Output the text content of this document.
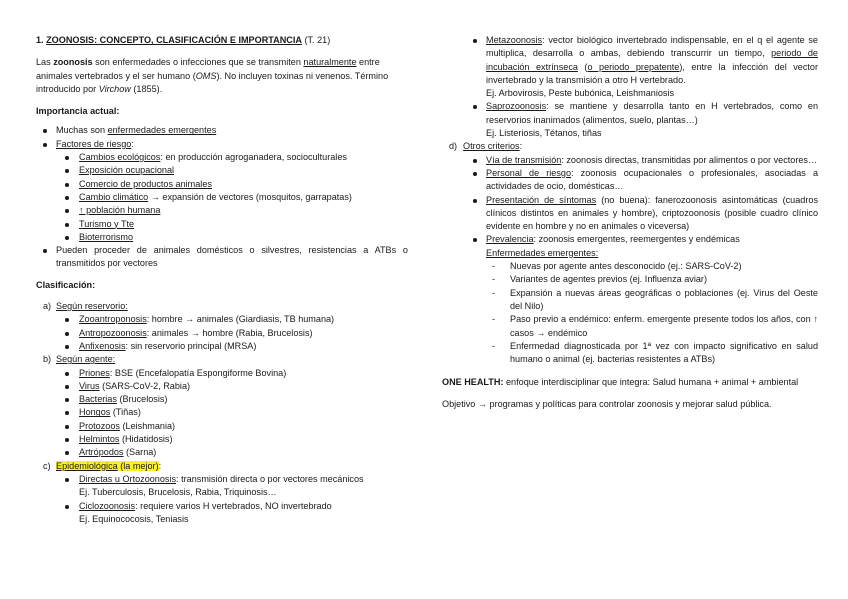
1. ZOONOSIS: CONCEPTO, CLASIFICACIÓN E IMPORTANCIA (T. 21)

Las zoonosis son enfermedades o infecciones que se transmiten naturalmente entre animales vertebrados y el ser humano (OMS). No incluyen toxinas ni venenos. Término introducido por Virchow (1855).

Importancia actual:

Muchas son enfermedades emergentes
Factores de riesgo:
Cambios ecológicos: en producción agroganadera, socioculturales
Exposición ocupacional
Comercio de productos animales
Cambio climático → expansión de vectores (mosquitos, garrapatas)
↑ población humana
Turismo y Tte
Bioterrorismo
Pueden proceder de animales domésticos o silvestres, resistencias a ATBs o transmitidos por vectores

Clasificación:

a) Según reservorio:
Zooantroponosis: hombre → animales (Giardiasis, TB humana)
Antropozoonosis: animales → hombre (Rabia, Brucelosis)
Anfixenosis: sin reservorio principal (MRSA)
b) Según agente:
Priones: BSE (Encefalopatía Espongiforme Bovina)
Virus (SARS-CoV-2, Rabia)
Bacterias (Brucelosis)
Hongos (Tiñas)
Protozoos (Leishmania)
Helmintos (Hidatidosis)
Artrópodos (Sarna)
c) Epidemiológica (la mejor):
Directas u Ortozoonosis: transmisión directa o por vectores mecánicos
Ej. Tuberculosis, Brucelosis, Rabia, Triquinosis…
Ciclozoonosis: requiere varios H vertebrados, NO invertebrado
Ej. Equinococosis, Teniasis
Metazoonosis: vector biológico invertebrado indispensable, en el q el agente se multiplica, desarrolla o ambas, debiendo transcurrir un tiempo, periodo de incubación extrínseca (o periodo prepatente), entre la infección del vector invertebrado y la transmisión a otro H vertebrado.
Ej. Arbovirosis, Peste bubónica, Leishmaniosis
Saprozoonosis: se mantiene y desarrolla tanto en H vertebrados, como en reservorios inanimados (alimentos, suelo, plantas…)
Ej. Listeriosis, Tétanos, tiñas
d) Otros criterios:
Vía de transmisión: zoonosis directas, transmitidas por alimentos o por vectores…
Personal de riesgo: zoonosis ocupacionales o profesionales, asociadas a actividades de ocio, domésticas…
Presentación de síntomas (no buena): fanerozoonosis asintomáticas (cuadros clínicos distintos en animales y hombre), criptozoonosis (posible cuadro clínico evidente en hombre y no en animales o viceversa)
Prevalencia: zoonosis emergentes, reemergentes y endémicas
Enfermedades emergentes:
- Nuevas por agente antes desconocido (ej.: SARS-CoV-2)
- Variantes de agentes previos (ej. Influenza aviar)
- Expansión a nuevas áreas geográficas o poblaciones (ej. Virus del Oeste del Nilo)
- Paso previo a endémico: enferm. emergente presente todos los años, con ↑ casos → endémico
- Enfermedad diagnosticada por 1ª vez con impacto significativo en salud humano o animal (ej. bacterias resistentes a ATBs)

ONE HEALTH: enfoque interdisciplinar que integra: Salud humana + animal + ambiental

Objetivo → programas y políticas para controlar zoonosis y mejorar salud pública.
